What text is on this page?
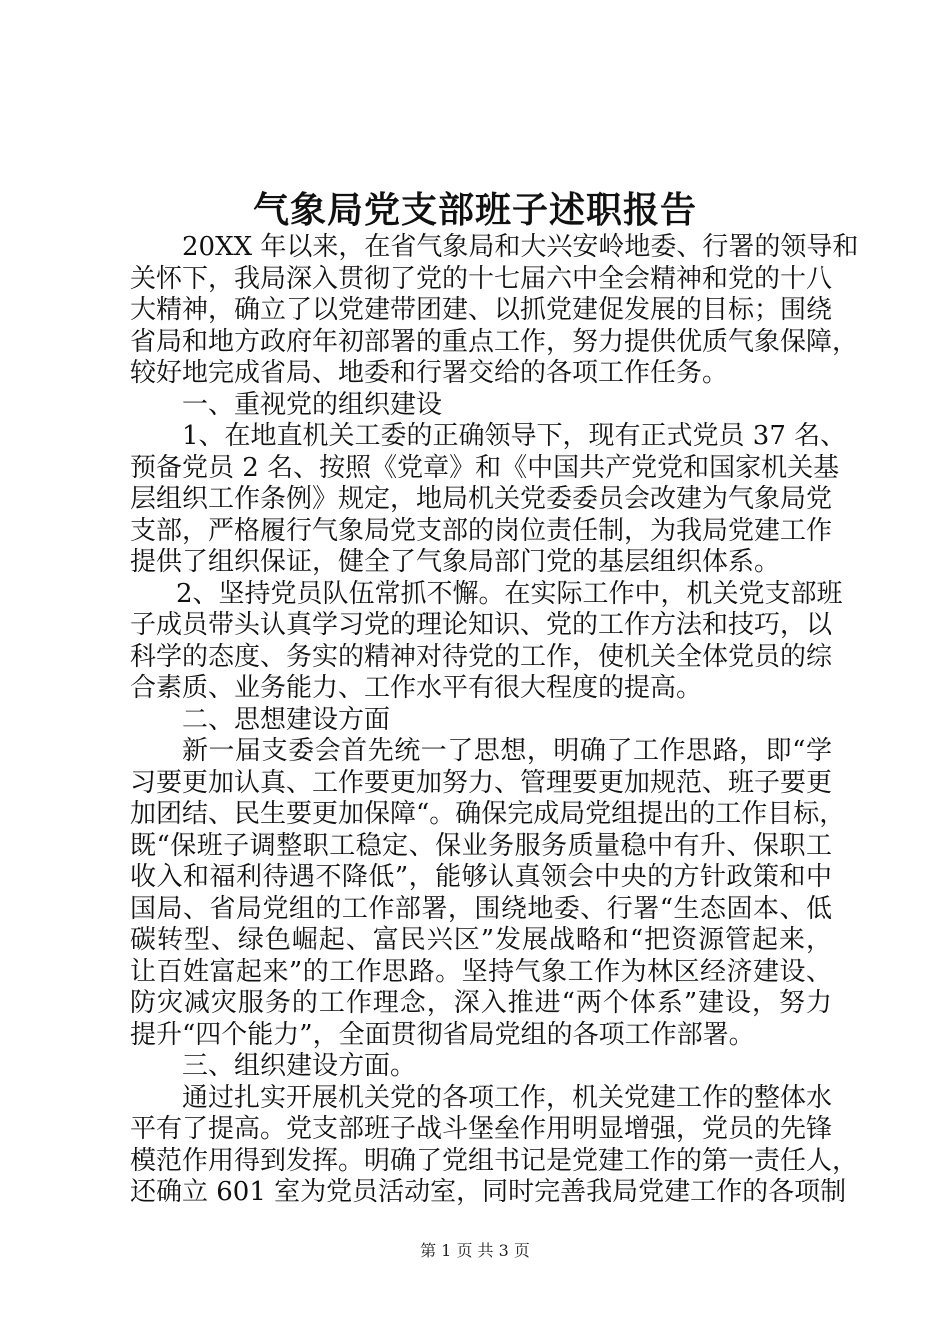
气象局党支部班子述职报告
20XX 年以来，在省气象局和大兴安岭地委、行署的领导和
关怀下，我局深入贯彻了党的十七届六中全会精神和党的十八
大精神，确立了以党建带团建、以抓党建促发展的目标；围绕
省局和地方政府年初部署的重点工作，努力提供优质气象保障，
较好地完成省局、地委和行署交给的各项工作任务。
一、重视党的组织建设
1、在地直机关工委的正确领导下，现有正式党员 37 名、
预备党员 2 名、按照《党章》和《中国共产党党和国家机关基
层组织工作条例》规定，地局机关党委委员会改建为气象局党
支部，严格履行气象局党支部的岗位责任制，为我局党建工作
提供了组织保证，健全了气象局部门党的基层组织体系。
2、坚持党员队伍常抓不懈。在实际工作中，机关党支部班
子成员带头认真学习党的理论知识、党的工作方法和技巧，以
科学的态度、务实的精神对待党的工作，使机关全体党员的综
合素质、业务能力、工作水平有很大程度的提高。
二、思想建设方面
新一届支委会首先统一了思想，明确了工作思路，即“学
习要更加认真、工作要更加努力、管理要更加规范、班子要更
加团结、民生要更加保障“。确保完成局党组提出的工作目标，
既“保班子调整职工稳定、保业务服务质量稳中有升、保职工
收入和福利待遇不降低”，能够认真领会中央的方针政策和中
国局、省局党组的工作部署，围绕地委、行署“生态固本、低
碳转型、绿色崛起、富民兴区”发展战略和“把资源管起来，
让百姓富起来”的工作思路。坚持气象工作为林区经济建设、
防灾减灾服务的工作理念，深入推进“两个体系”建设，努力
提升“四个能力”，全面贯彻省局党组的各项工作部署。
三、组织建设方面。
通过扎实开展机关党的各项工作，机关党建工作的整体水
平有了提高。党支部班子战斗堡垒作用明显增强，党员的先锋
模范作用得到发挥。明确了党组书记是党建工作的第一责任人，
还确立 601 室为党员活动室，同时完善我局党建工作的各项制
第 1 页 共 3 页
